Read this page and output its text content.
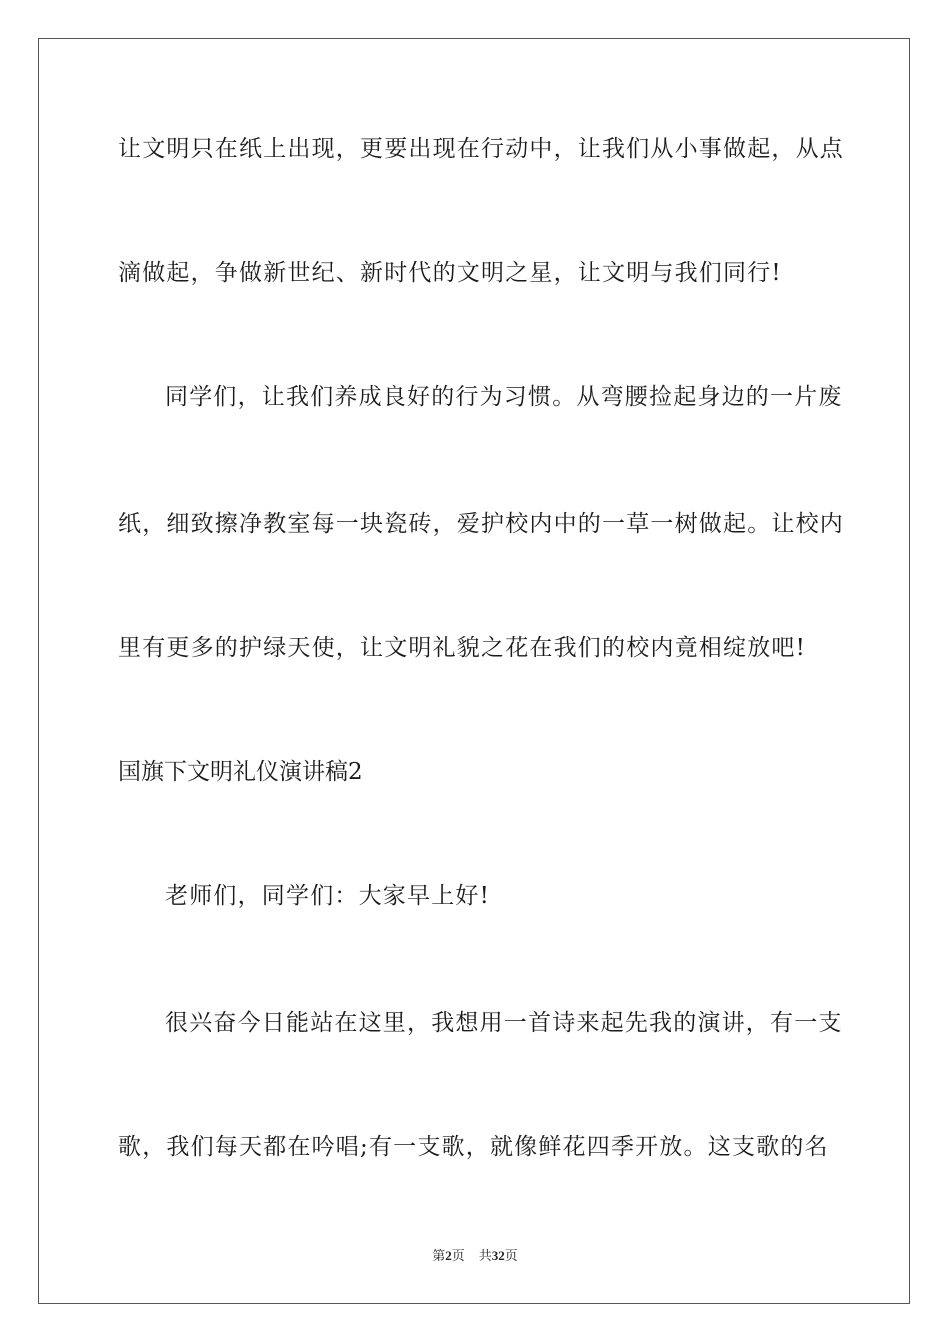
让文明只在纸上出现，更要出现在行动中，让我们从小事做起，从点
滴做起，争做新世纪、新时代的文明之星，让文明与我们同行!
同学们，让我们养成良好的行为习惯。从弯腰捡起身边的一片废
纸，细致擦净教室每一块瓷砖，爱护校内中的一草一树做起。让校内
里有更多的护绿天使，让文明礼貌之花在我们的校内竟相绽放吧!
国旗下文明礼仪演讲稿2
老师们，同学们：大家早上好!
很兴奋今日能站在这里，我想用一首诗来起先我的演讲，有一支
歌，我们每天都在吟唱;有一支歌，就像鲜花四季开放。这支歌的名
第2页 共32页
